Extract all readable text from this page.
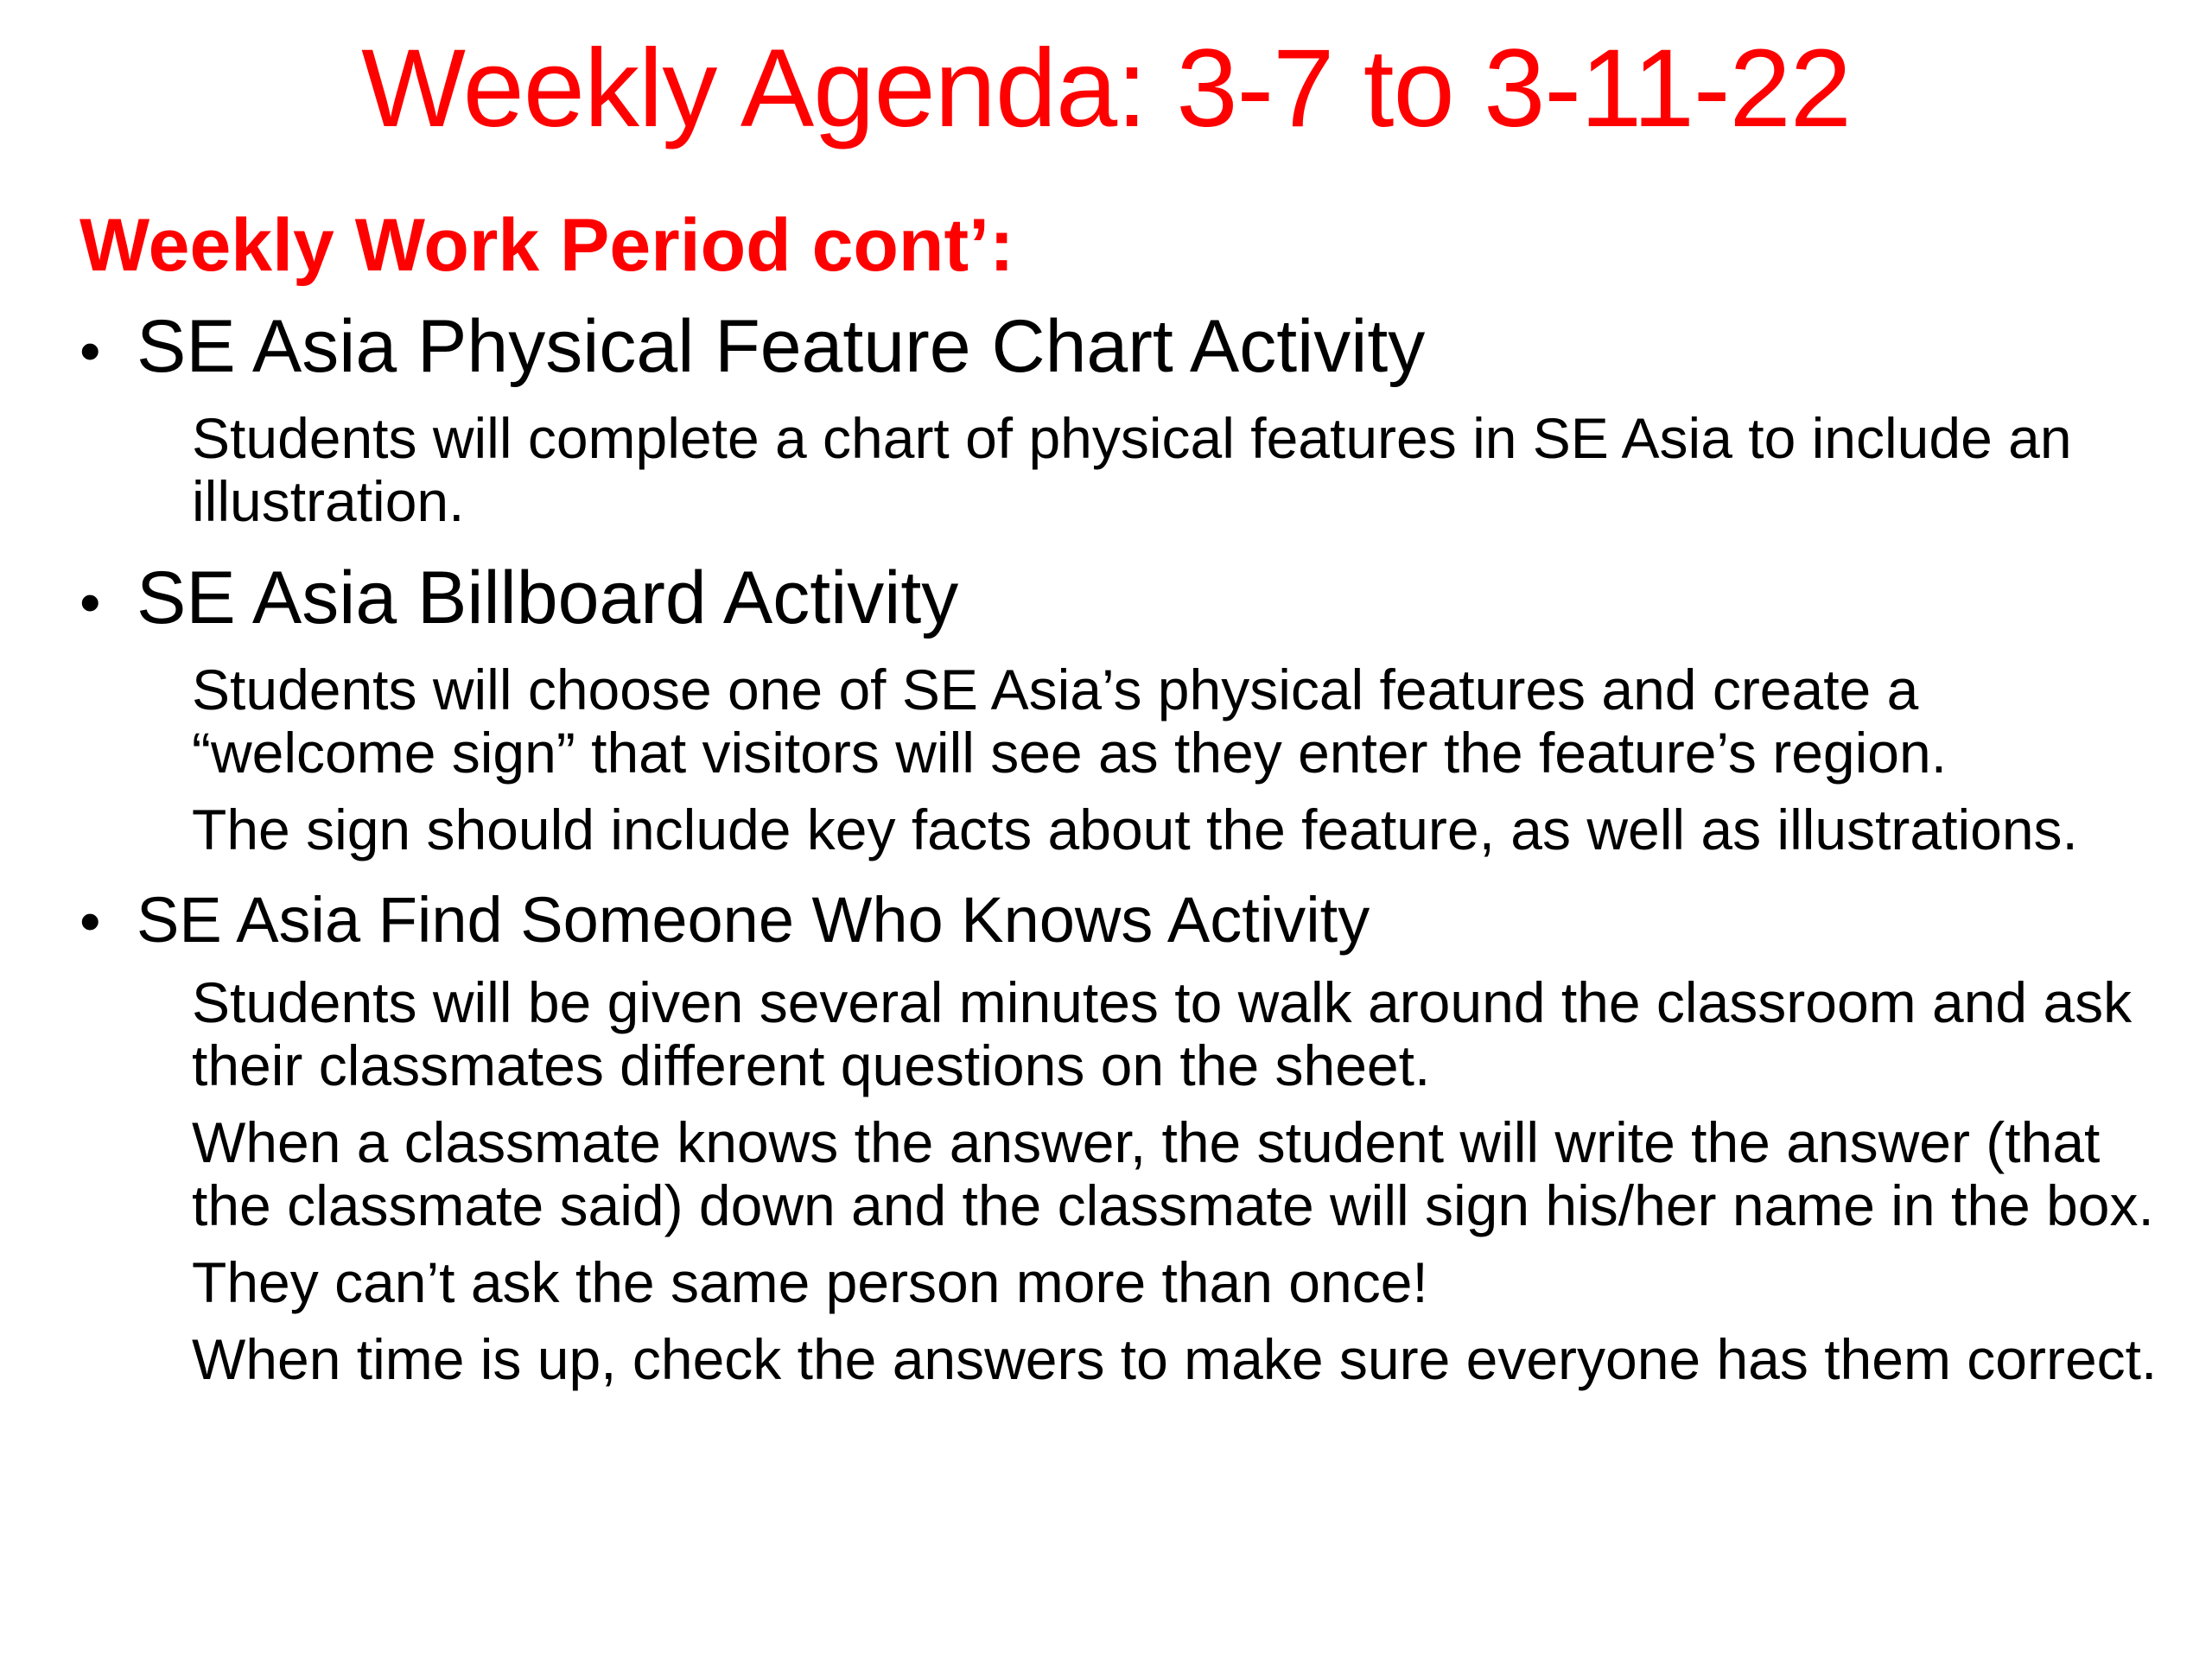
Weekly Agenda: 3-7 to 3-11-22
Weekly Work Period cont’:
• SE Asia Physical Feature Chart Activity
Students will complete a chart of physical features in SE Asia to include an illustration.
• SE Asia Billboard Activity
Students will choose one of SE Asia’s physical features and create a “welcome sign” that visitors will see as they enter the feature’s region.
The sign should include key facts about the feature, as well as illustrations.
• SE Asia Find Someone Who Knows Activity
Students will be given several minutes to walk around the classroom and ask their classmates different questions on the sheet.
When a classmate knows the answer, the student will write the answer (that the classmate said) down and the classmate will sign his/her name in the box.
They can’t ask the same person more than once!
When time is up, check the answers to make sure everyone has them correct.
